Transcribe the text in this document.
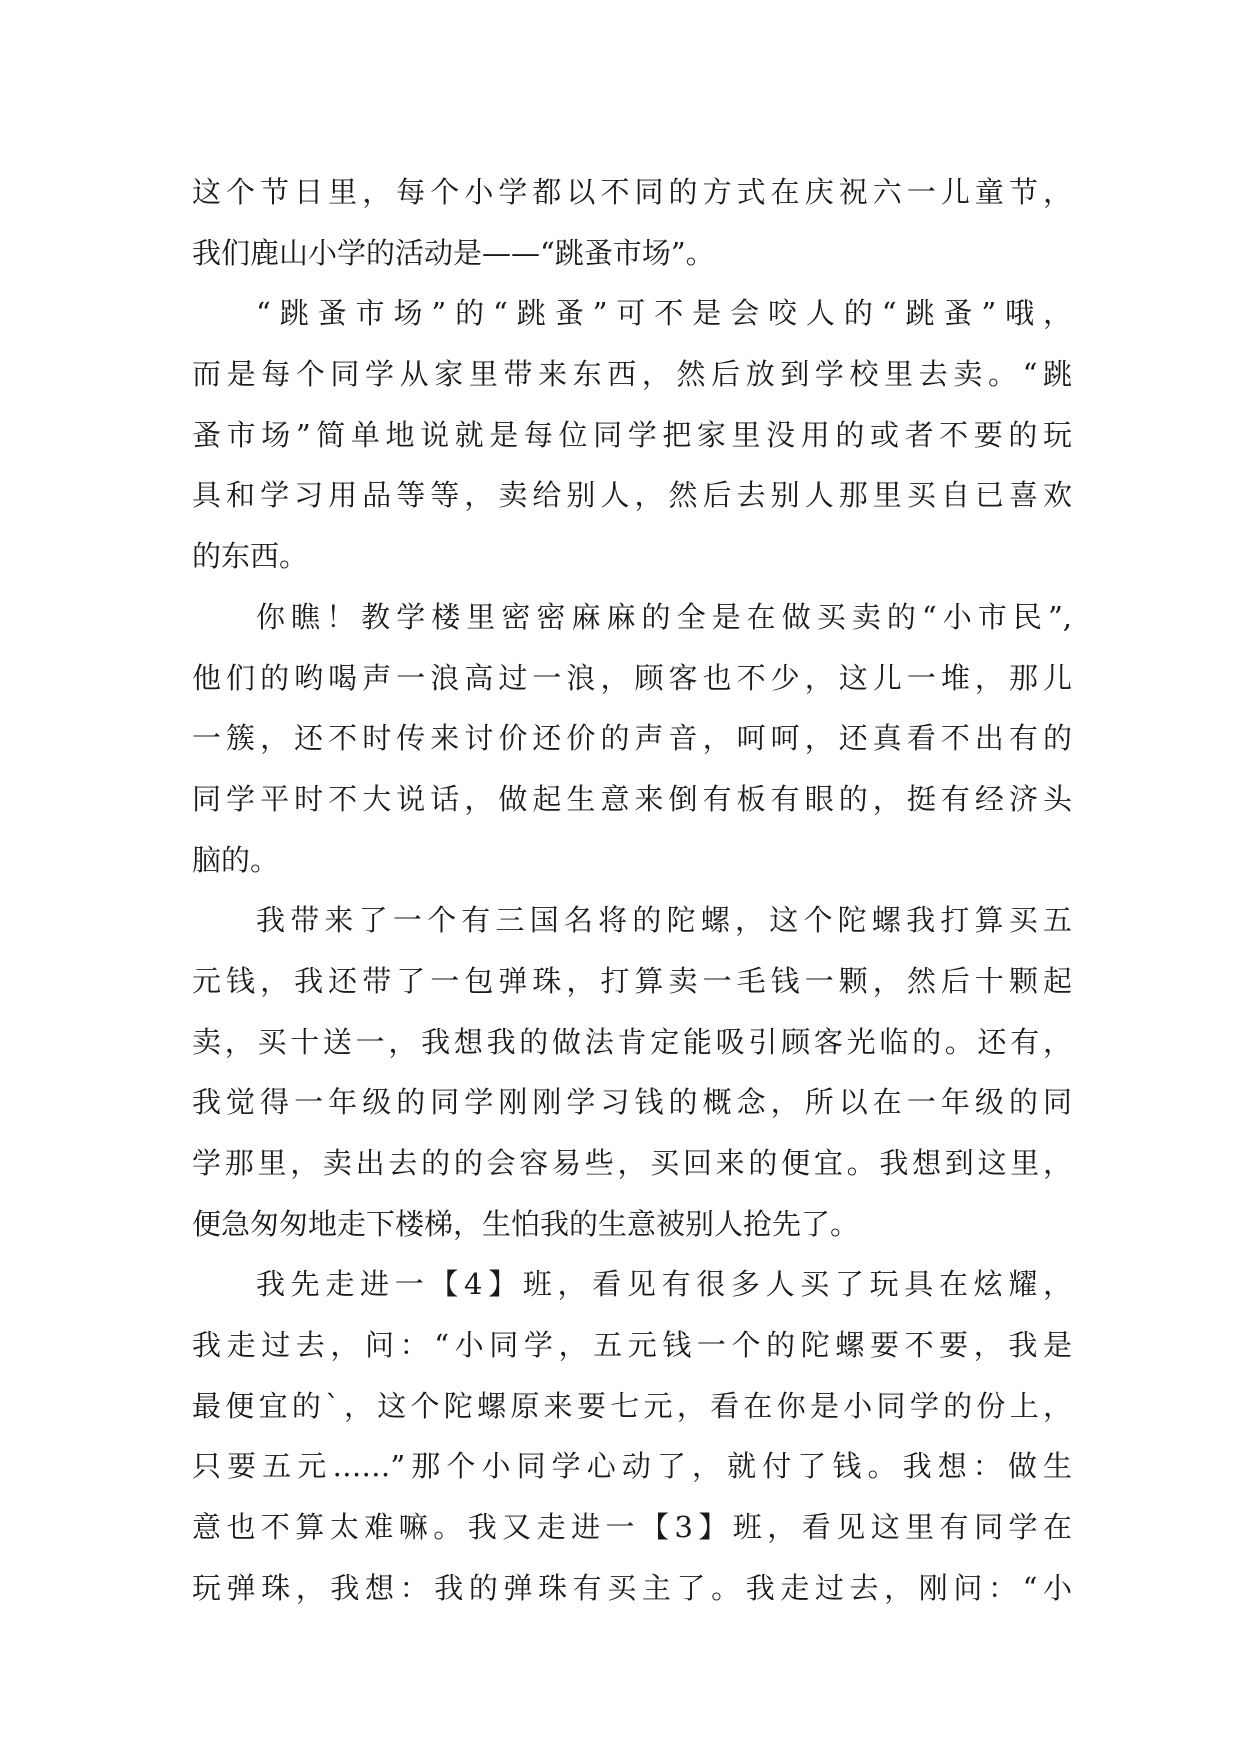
这个节日里，每个小学都以不同的方式在庆祝六一儿童节，
我们鹿山小学的活动是——“跳蚤市场”。
“跳蚤市场”的“跳蚤”可不是会咬人的“跳蚤”哦，
而是每个同学从家里带来东西，然后放到学校里去卖。“跳
蚤市场”简单地说就是每位同学把家里没用的或者不要的玩
具和学习用品等等，卖给别人，然后去别人那里买自已喜欢
的东西。
你瞧！教学楼里密密麻麻的全是在做买卖的“小市民”,
他们的哟喝声一浪高过一浪，顾客也不少，这儿一堆，那儿
一簇，还不时传来讨价还价的声音，呵呵，还真看不出有的
同学平时不大说话，做起生意来倒有板有眼的，挺有经济头
脑的。
我带来了一个有三国名将的陀螺，这个陀螺我打算买五
元钱，我还带了一包弹珠，打算卖一毛钱一颗，然后十颗起
卖，买十送一，我想我的做法肯定能吸引顾客光临的。还有，
我觉得一年级的同学刚刚学习钱的概念，所以在一年级的同
学那里，卖出去的的会容易些，买回来的便宜。我想到这里，
便急匆匆地走下楼梯，生怕我的生意被别人抢先了。
我先走进一【4】班，看见有很多人买了玩具在炫耀，
我走过去，问：“小同学，五元钱一个的陀螺要不要，我是
最便宜的`，这个陀螺原来要七元，看在你是小同学的份上，
只要五元……”那个小同学心动了，就付了钱。我想：做生
意也不算太难嘛。我又走进一【3】班，看见这里有同学在
玩弹珠，我想：我的弹珠有买主了。我走过去，刚问：“小
